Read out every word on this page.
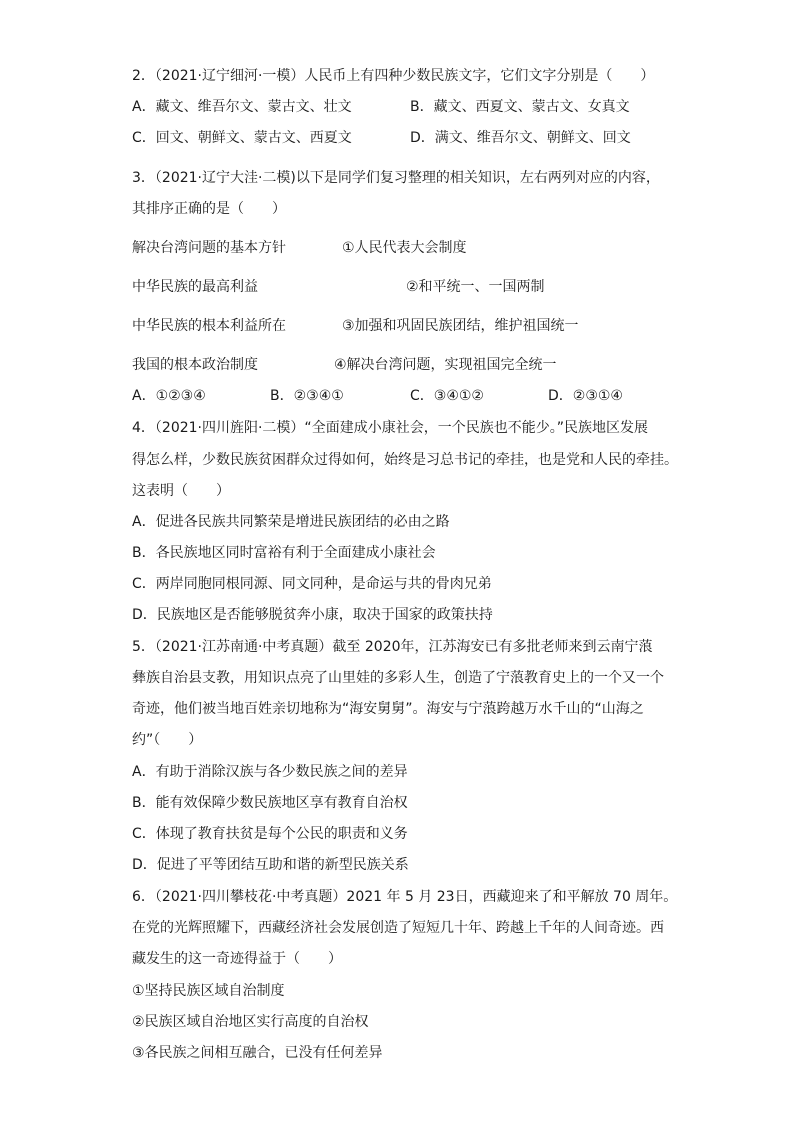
2．（2021·辽宁细河·一模）人民币上有四种少数民族文字，它们文字分别是（　　）
A．藏文、维吾尔文、蒙古文、壮文	B．藏文、西夏文、蒙古文、女真文
C．回文、朝鲜文、蒙古文、西夏文	D．满文、维吾尔文、朝鲜文、回文
3．（2021·辽宁大洼·二模)以下是同学们复习整理的相关知识，左右两列对应的内容，
其排序正确的是（　　）
解决台湾问题的基本方针	①人民代表大会制度
中华民族的最高利益	②和平统一、一国两制
中华民族的根本利益所在	③加强和巩固民族团结，维护祖国统一
我国的根本政治制度	④解决台湾问题，实现祖国完全统一
A．①②③④	B．②③④①	C．③④①②	D．②③①④
4．（2021·四川旌阳·二模）“全面建成小康社会，一个民族也不能少。”民族地区发展
得怎么样，少数民族贫困群众过得如何，始终是习总书记的牵挂，也是党和人民的牵挂。
这表明（　　）
A．促进各民族共同繁荣是增进民族团结的必由之路
B．各民族地区同时富裕有利于全面建成小康社会
C．两岸同胞同根同源、同文同种，是命运与共的骨肉兄弟
D．民族地区是否能够脱贫奔小康，取决于国家的政策扶持
5．（2021·江苏南通·中考真题）截至 2020年，江苏海安已有多批老师来到云南宁蒗
彝族自治县支教，用知识点亮了山里娃的多彩人生，创造了宁蒗教育史上的一个又一个
奇迹，他们被当地百姓亲切地称为“海安舅舅”。海安与宁蒗跨越万水千山的“山海之
约”（　　）
A．有助于消除汉族与各少数民族之间的差异
B．能有效保障少数民族地区享有教育自治权
C．体现了教育扶贫是每个公民的职责和义务
D．促进了平等团结互助和谐的新型民族关系
6．（2021·四川攀枝花·中考真题）2021 年 5 月 23日，西藏迎来了和平解放 70 周年。
在党的光辉照耀下，西藏经济社会发展创造了短短几十年、跨越上千年的人间奇迹。西
藏发生的这一奇迹得益于（　　）
①坚持民族区域自治制度
②民族区域自治地区实行高度的自治权
③各民族之间相互融合，已没有任何差异
